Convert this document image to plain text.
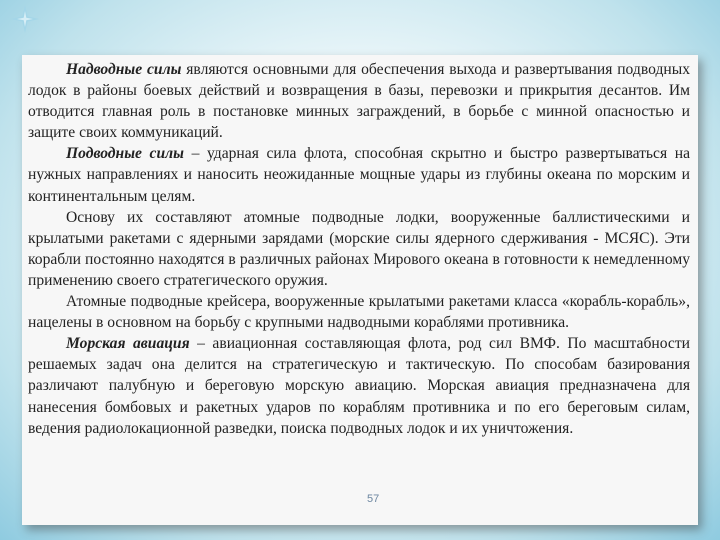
Надводные силы являются основными для обеспечения выхода и развертывания подводных лодок в районы боевых действий и возвращения в базы, перевозки и прикрытия десантов. Им отводится главная роль в постановке минных заграждений, в борьбе с минной опасностью и защите своих коммуникаций.

Подводные силы – ударная сила флота, способная скрытно и быстро развертываться на нужных направлениях и наносить неожиданные мощные удары из глубины океана по морским и континентальным целям.

Основу их составляют атомные подводные лодки, вооруженные баллистическими и крылатыми ракетами с ядерными зарядами (морские силы ядерного сдерживания - МСЯС). Эти корабли постоянно находятся в различных районах Мирового океана в готовности к немедленному применению своего стратегического оружия.

Атомные подводные крейсера, вооруженные крылатыми ракетами класса «корабль-корабль», нацелены в основном на борьбу с крупными надводными кораблями противника.

Морская авиация – авиационная составляющая флота, род сил ВМФ. По масштабности решаемых задач она делится на стратегическую и тактическую. По способам базирования различают палубную и береговую морскую авиацию. Морская авиация предназначена для нанесения бомбовых и ракетных ударов по кораблям противника и по его береговым силам, ведения радиолокационной разведки, поиска подводных лодок и их уничтожения.

57
